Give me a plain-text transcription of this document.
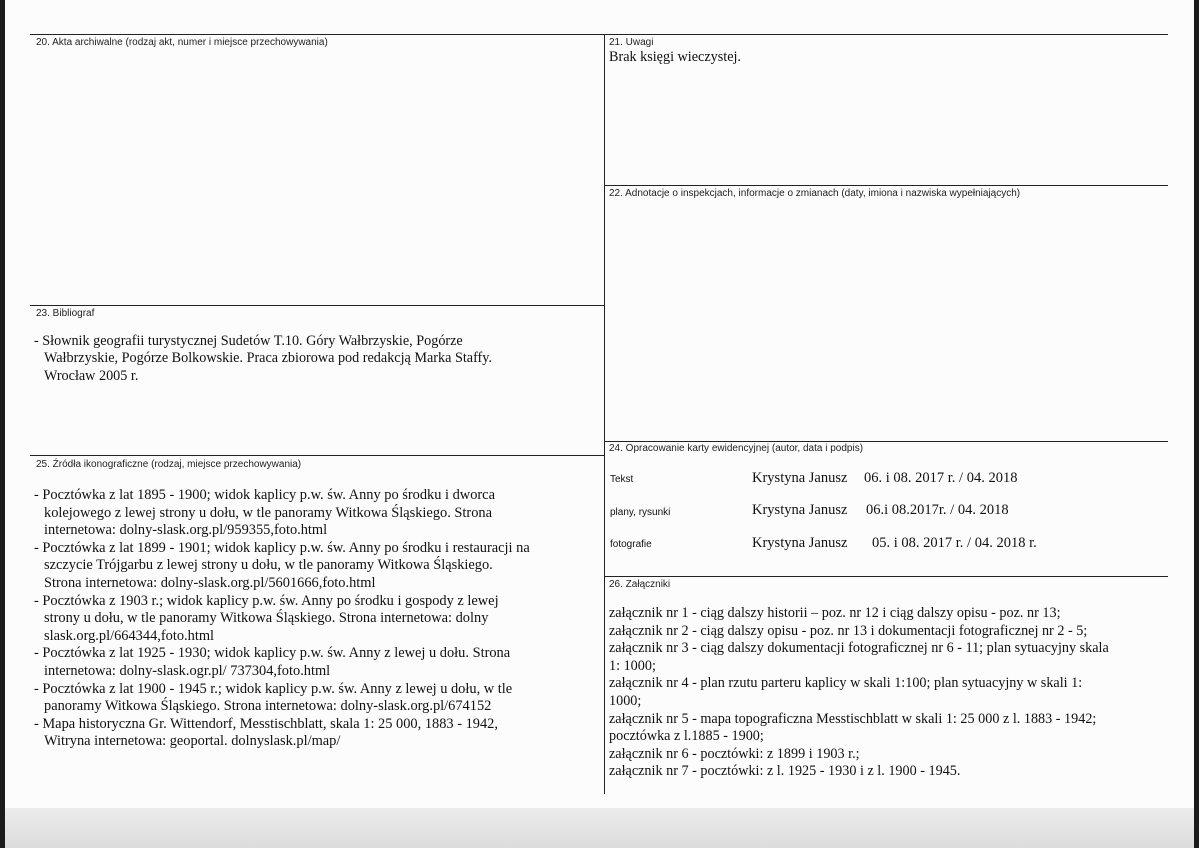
20. Akta archiwalne (rodzaj akt, numer i miejsce przechowywania)	21. Uwagi
Brak księgi wieczystej.
22. Adnotacje o inspekcjach, informacje o zmianach (daty, imiona i nazwiska wypełniających)
23. Bibliograf

- Słownik geografii turystycznej Sudetów T.10. Góry Wałbrzyskie, Pogórze

Wałbrzyskie, Pogórze Bolkowskie. Praca zbiorowa pod redakcją Marka Staffy.

Wrocław 2005 r.

24. Opracowanie karty ewidencyjnej (autor, data i podpis)
Tekst	Krystyna Janusz 06. i 08. 2017 r. / 04. 2018
plany, rysunki	Krystyna Janusz 06.i 08.2017r. / 04. 2018
fotografie	Krystyna Janusz 05. i 08. 2017 r. / 04. 2018 r.
25. Źródła ikonograficzne (rodzaj, miejsce przechowywania)

- Pocztówka z lat 1895 - 1900; widok kaplicy p.w. św. Anny po środku i dworca

kolejowego z lewej strony u dołu, w tle panoramy Witkowa Śląskiego. Strona

internetowa: dolny-slask.org.pl/959355,foto.html

- Pocztówka z lat 1899 - 1901; widok kaplicy p.w. św. Anny po środku i restauracji na

szczycie Trójgarbu z lewej strony u dołu, w tle panoramy Witkowa Śląskiego.

Strona internetowa: dolny-slask.org.pl/5601666,foto.html

- Pocztówka z 1903 r.; widok kaplicy p.w. św. Anny po środku i gospody z lewej

strony u dołu, w tle panoramy Witkowa Śląskiego. Strona internetowa: dolny

slask.org.pl/664344,foto.html

- Pocztówka z lat 1925 - 1930; widok kaplicy p.w. św. Anny z lewej u dołu. Strona

internetowa: dolny-slask.ogr.pl/ 737304,foto.html

- Pocztówka z lat 1900 - 1945 r.; widok kaplicy p.w. św. Anny z lewej u dołu, w tle

panoramy Witkowa Śląskiego. Strona internetowa: dolny-slask.org.pl/674152

- Mapa historyczna Gr. Wittendorf, Messtischblatt, skala 1: 25 000, 1883 - 1942,

Witryna internetowa: geoportal. dolnyslask.pl/map/

26. Załączniki

załącznik nr 1 - ciąg dalszy historii – poz. nr 12 i ciąg dalszy opisu - poz. nr 13;

załącznik nr 2 - ciąg dalszy opisu - poz. nr 13 i dokumentacji fotograficznej nr 2 - 5;

załącznik nr 3 - ciąg dalszy dokumentacji fotograficznej nr 6 - 11; plan sytuacyjny skala

1: 1000;

załącznik nr 4 - plan rzutu parteru kaplicy w skali 1:100; plan sytuacyjny w skali 1:

1000;

załącznik nr 5 - mapa topograficzna Messtischblatt w skali 1: 25 000 z l. 1883 - 1942;

pocztówka z l.1885 - 1900;

załącznik nr 6 - pocztówki: z 1899 i 1903 r.;

załącznik nr 7 - pocztówki: z l. 1925 - 1930 i z l. 1900 - 1945.
